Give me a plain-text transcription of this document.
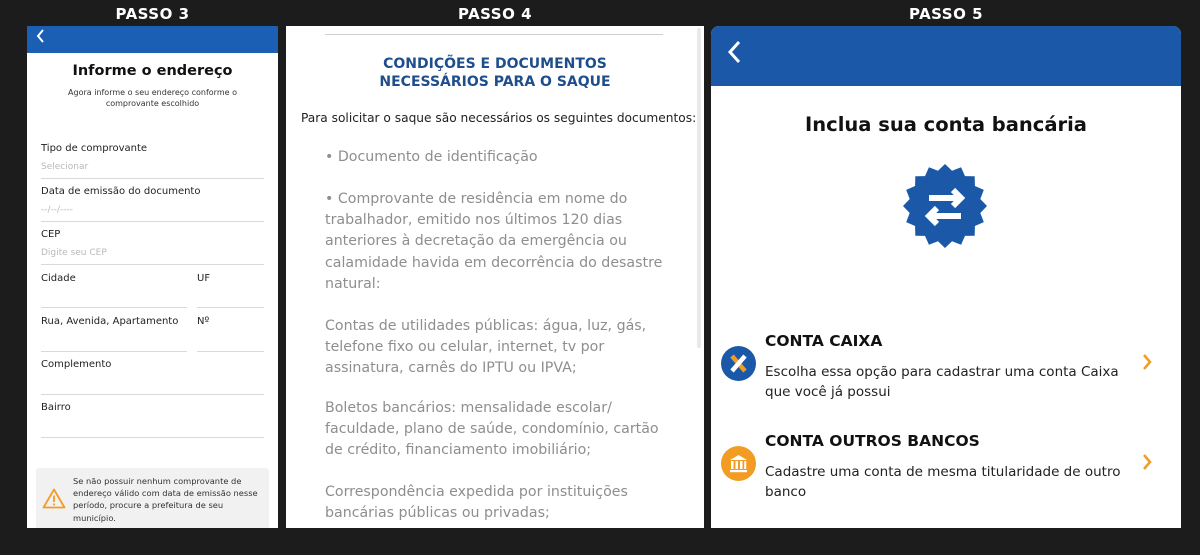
PASSO 3	PASSO 4	PASSO 5
Informe o endereço
Agora informe o seu endereço conforme o comprovante escolhido
Tipo de comprovante
Selecionar
Data de emissão do documento
--/--/----
CEP
Digite seu CEP
Cidade	UF
Rua, Avenida, Apartamento Nº
Complemento
Bairro
Se não possuir nenhum comprovante de endereço válido com data de emissão nesse período, procure a prefeitura de seu município.
CONDIÇÕES E DOCUMENTOS NECESSÁRIOS PARA O SAQUE
Para solicitar o saque são necessários os seguintes documentos:
• Documento de identificação
• Comprovante de residência em nome do trabalhador, emitido nos últimos 120 dias anteriores à decretação da emergência ou calamidade havida em decorrência do desastre natural:
Contas de utilidades públicas: água, luz, gás, telefone fixo ou celular, internet, tv por assinatura, carnês do IPTU ou IPVA;
Boletos bancários: mensalidade escolar/ faculdade, plano de saúde, condomínio, cartão de crédito, financiamento imobiliário;
Correspondência expedida por instituições bancárias públicas ou privadas;
Inclua sua conta bancária
CONTA CAIXA
Escolha essa opção para cadastrar uma conta Caixa que você já possui
CONTA OUTROS BANCOS
Cadastre uma conta de mesma titularidade de outro banco
